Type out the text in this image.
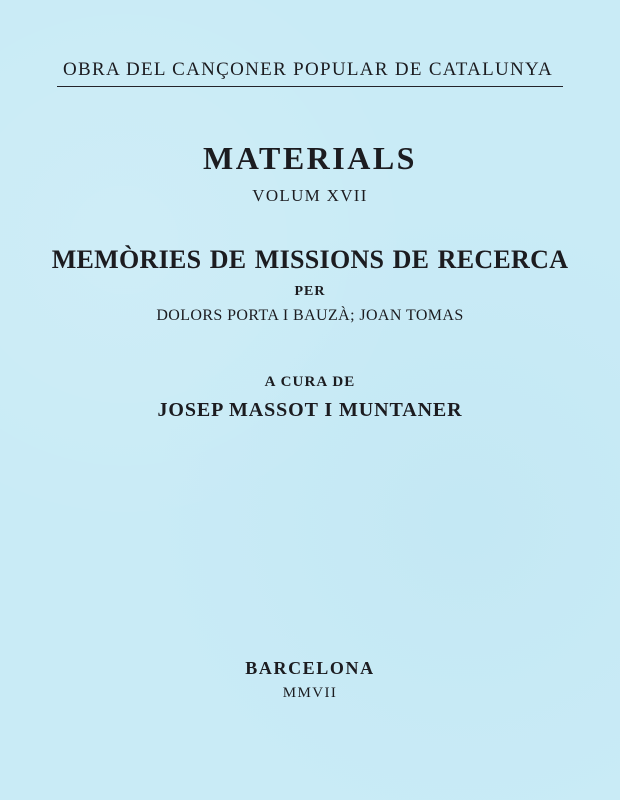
OBRA DEL CANÇONER POPULAR DE CATALUNYA
MATERIALS
VOLUM XVII
MEMÒRIES DE MISSIONS DE RECERCA
PER
DOLORS PORTA I BAUZÀ; JOAN TOMAS
A CURA DE
JOSEP MASSOT I MUNTANER
BARCELONA
MMVII
